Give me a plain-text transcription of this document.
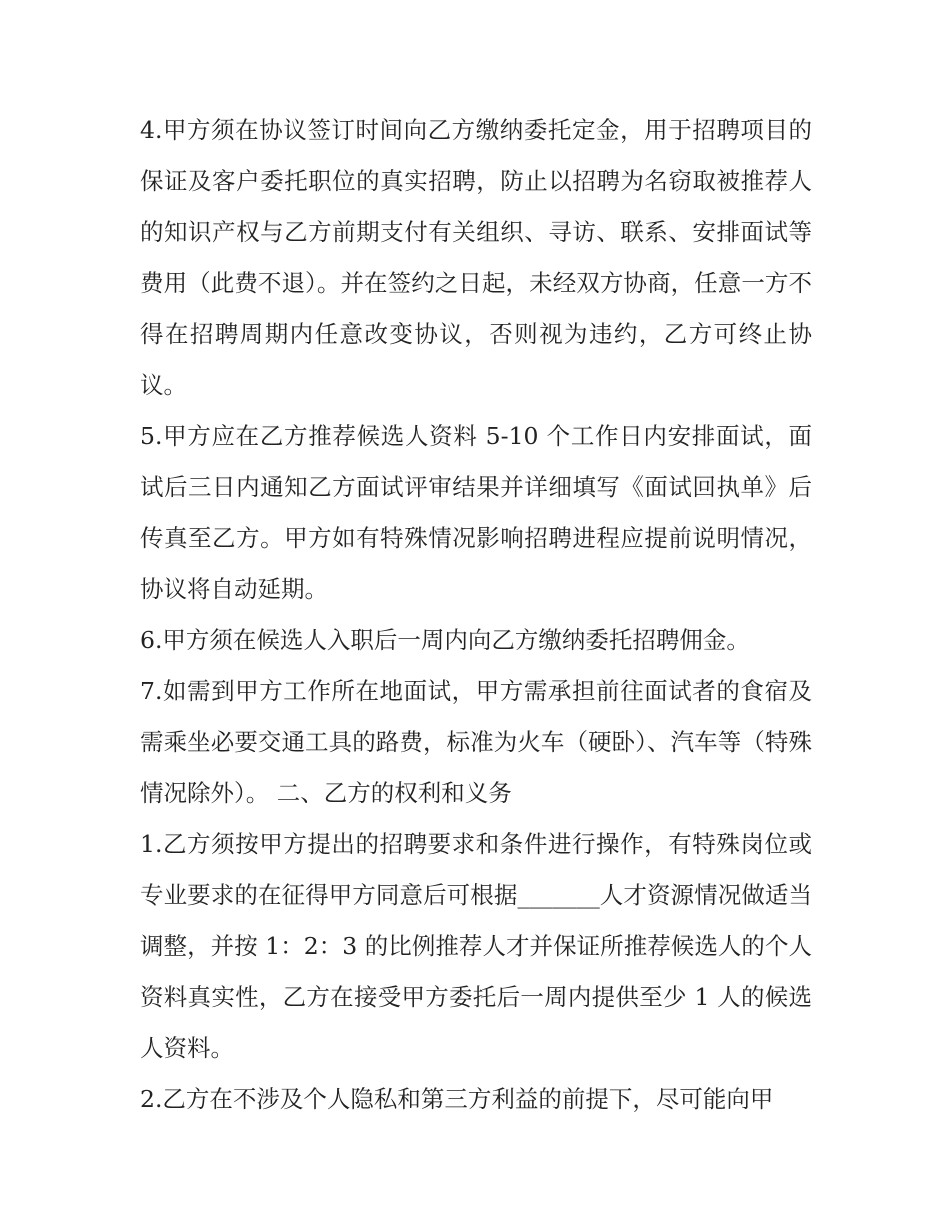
4.甲方须在协议签订时间向乙方缴纳委托定金，用于招聘项目的保证及客户委托职位的真实招聘，防止以招聘为名窃取被推荐人的知识产权与乙方前期支付有关组织、寻访、联系、安排面试等费用（此费不退）。并在签约之日起，未经双方协商，任意一方不得在招聘周期内任意改变协议，否则视为违约，乙方可终止协议。

5.甲方应在乙方推荐候选人资料 5-10 个工作日内安排面试，面试后三日内通知乙方面试评审结果并详细填写《面试回执单》后传真至乙方。甲方如有特殊情况影响招聘进程应提前说明情况，协议将自动延期。

6.甲方须在候选人入职后一周内向乙方缴纳委托招聘佣金。

7.如需到甲方工作所在地面试，甲方需承担前往面试者的食宿及需乘坐必要交通工具的路费，标准为火车（硬卧）、汽车等（特殊情况除外）。 二、乙方的权利和义务

1.乙方须按甲方提出的招聘要求和条件进行操作，有特殊岗位或专业要求的在征得甲方同意后可根据_______人才资源情况做适当调整，并按 1：2：3 的比例推荐人才并保证所推荐候选人的个人资料真实性，乙方在接受甲方委托后一周内提供至少 1 人的候选人资料。

2.乙方在不涉及个人隐私和第三方利益的前提下，尽可能向甲
